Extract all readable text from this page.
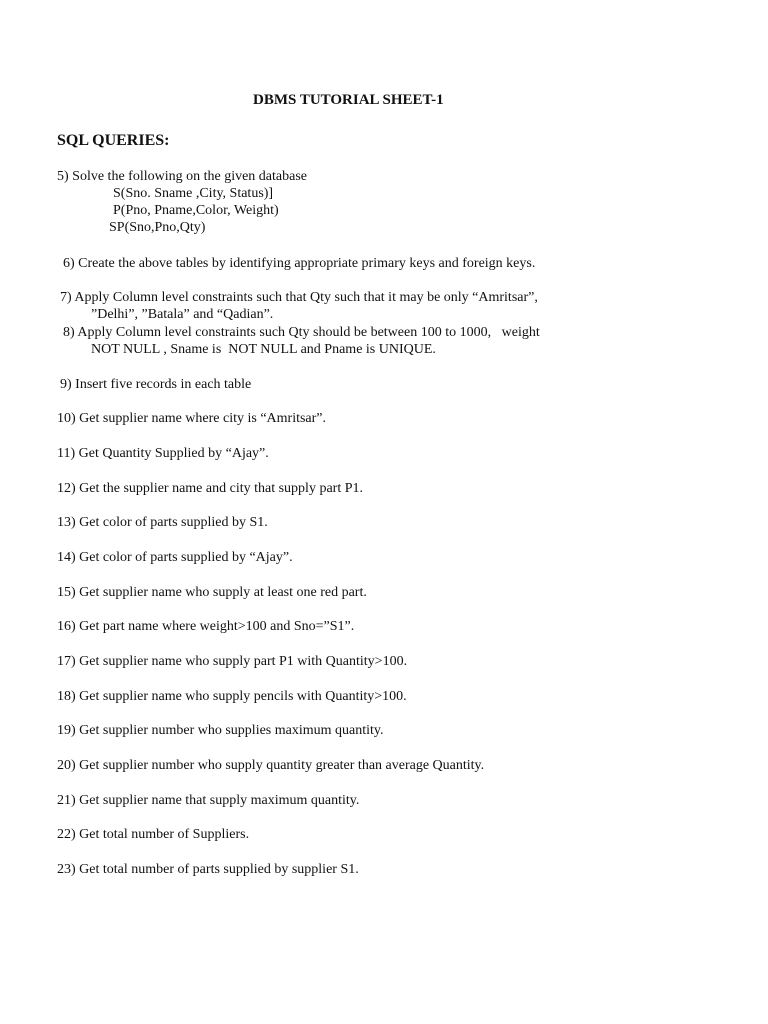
DBMS TUTORIAL SHEET-1
SQL QUERIES:
5) Solve the following on the given database
S(Sno. Sname ,City, Status)]
P(Pno, Pname,Color, Weight)
SP(Sno,Pno,Qty)
6) Create the above tables by identifying appropriate primary keys and foreign keys.
7) Apply Column level constraints such that Qty such that it may be only “Amritsar”,
”Delhi”, ”Batala” and “Qadian”.
8) Apply Column level constraints such Qty should be between 100 to 1000,   weight
NOT NULL , Sname is  NOT NULL and Pname is UNIQUE.
9) Insert five records in each table
10) Get supplier name where city is “Amritsar”.
11) Get Quantity Supplied by “Ajay”.
12) Get the supplier name and city that supply part P1.
13) Get color of parts supplied by S1.
14) Get color of parts supplied by “Ajay”.
15) Get supplier name who supply at least one red part.
16) Get part name where weight>100 and Sno=”S1”.
17) Get supplier name who supply part P1 with Quantity>100.
18) Get supplier name who supply pencils with Quantity>100.
19) Get supplier number who supplies maximum quantity.
20) Get supplier number who supply quantity greater than average Quantity.
21) Get supplier name that supply maximum quantity.
22) Get total number of Suppliers.
23) Get total number of parts supplied by supplier S1.
